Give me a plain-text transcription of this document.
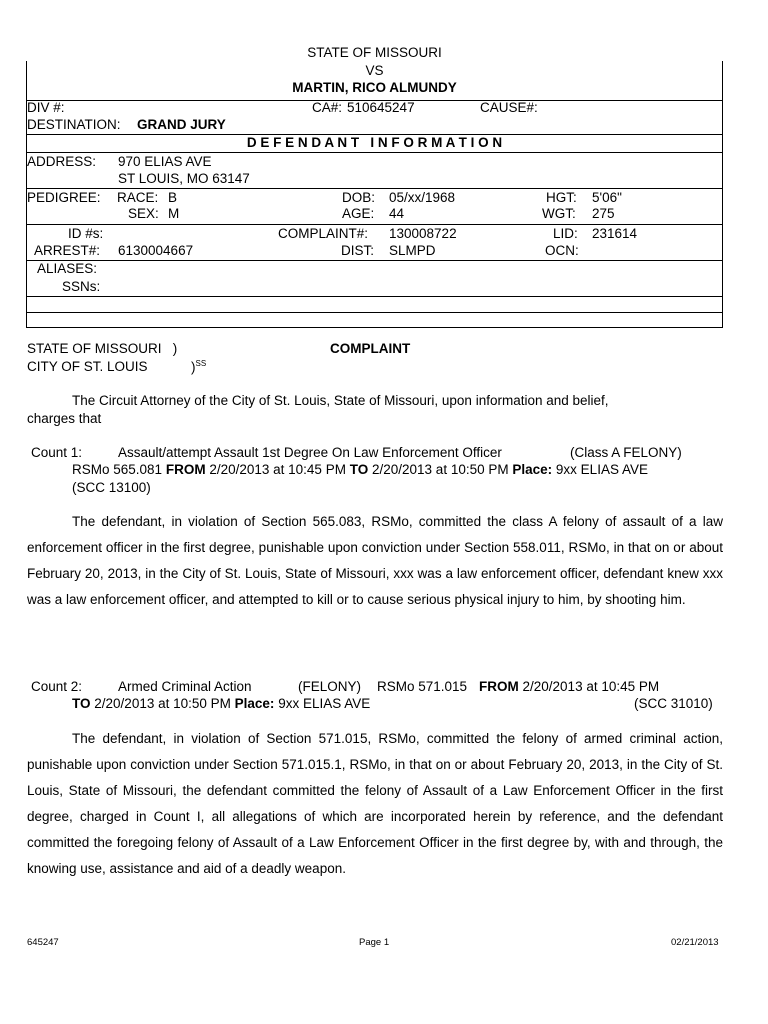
STATE OF MISSOURI
VS
MARTIN, RICO ALMUNDY
DIV #:	CA#: 510645247	CAUSE#:
DESTINATION: GRAND JURY
D E F E N D A N T   I N F O R M A T I O N
ADDRESS: 970 ELIAS AVE
ST LOUIS, MO 63147
PEDIGREE: RACE: B	DOB: 05/xx/1968	HGT: 5'06"
SEX: M	AGE: 44	WGT: 275
ID #s:	COMPLAINT#: 130008722	LID: 231614
ARREST#: 6130004667	DIST: SLMPD	OCN:
ALIASES:
SSNs:
STATE OF MISSOURI   )
CITY OF ST. LOUIS	)$^{SS}$
COMPLAINT
The Circuit Attorney of the City of St. Louis, State of Missouri, upon information and belief,
charges that
Count 1:	Assault/attempt Assault 1st Degree On Law Enforcement Officer	(Class A FELONY)
RSMo 565.081 FROM 2/20/2013 at 10:45 PM TO 2/20/2013 at 10:50 PM Place: 9xx ELIAS AVE
(SCC 13100)
The defendant, in violation of Section 565.083, RSMo, committed the class A felony of assault of a law enforcement officer in the first degree, punishable upon conviction under Section 558.011, RSMo, in that on or about February 20, 2013, in the City of St. Louis, State of Missouri, xxx was a law enforcement officer, defendant knew xxx was a law enforcement officer, and attempted to kill or to cause serious physical injury to him, by shooting him.
Count 2:	Armed Criminal Action	(FELONY) RSMo 571.015 FROM 2/20/2013 at 10:45 PM
TO 2/20/2013 at 10:50 PM Place: 9xx ELIAS AVE	(SCC 31010)
The defendant, in violation of Section 571.015, RSMo, committed the felony of armed criminal action, punishable upon conviction under Section 571.015.1, RSMo, in that on or about February 20, 2013, in the City of St. Louis, State of Missouri, the defendant committed the felony of Assault of a Law Enforcement Officer in the first degree, charged in Count I, all allegations of which are incorporated herein by reference, and the defendant committed the foregoing felony of Assault of a Law Enforcement Officer in the first degree by, with and through, the knowing use, assistance and aid of a deadly weapon.
645247	Page 1	02/21/2013
